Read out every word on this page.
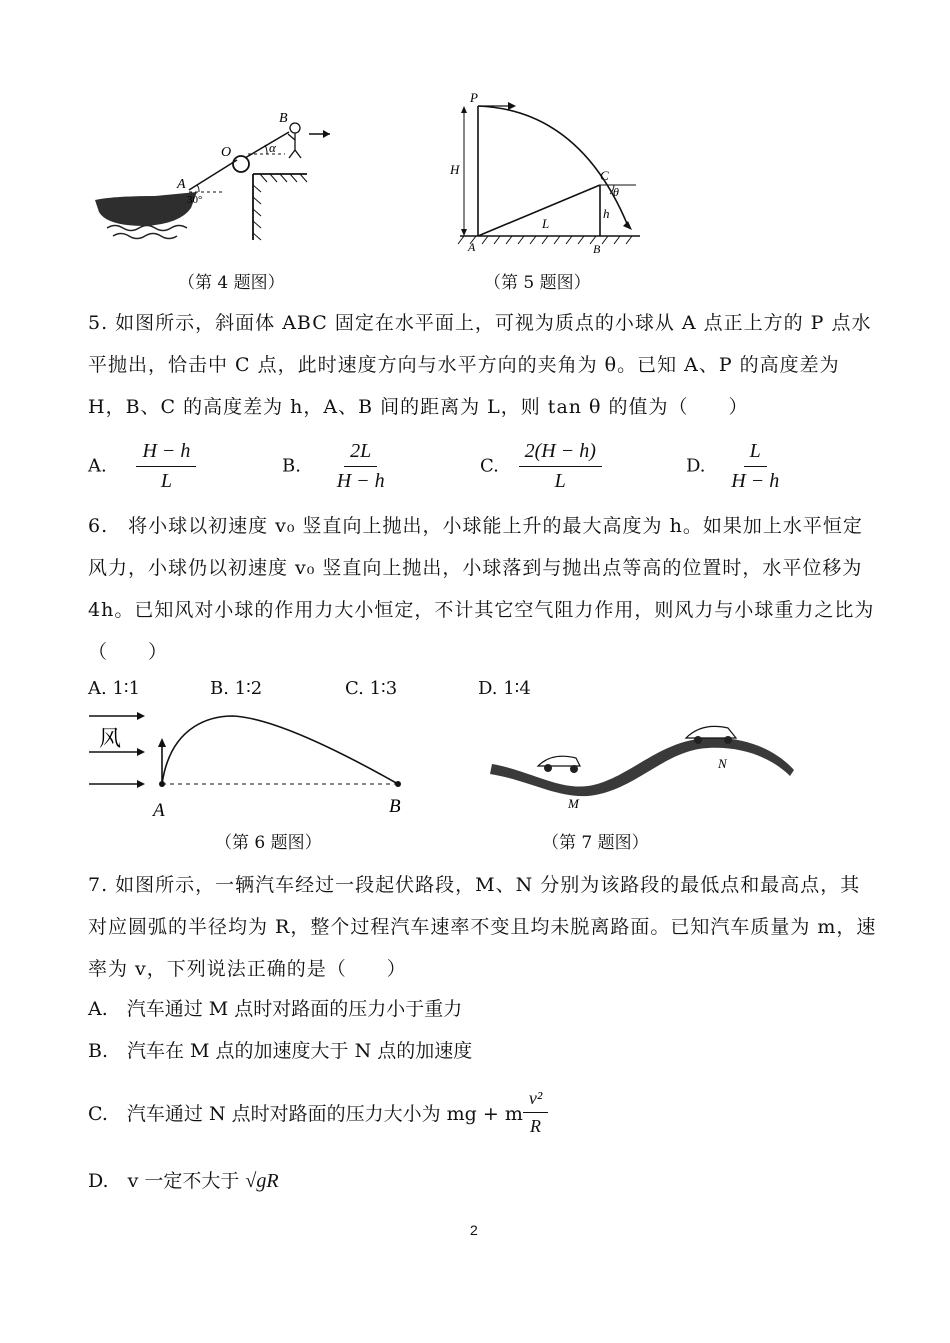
B
O
A
α
30°
（第 4 题图）
P
H	C
θ
h
L
A	B
（第 5 题图）
5. 如图所示，斜面体 ABC 固定在水平面上，可视为质点的小球从 A 点正上方的 P 点水平抛出，恰击中 C 点，此时速度方向与水平方向的夹角为 θ。已知 A、P 的高度差为 H，B、C 的高度差为 h，A、B 间的距离为 L，则 tan θ 的值为（　　）
A. $\frac{H - h}{L}$	B. $\frac{2L}{H - h}$	C. $\frac{2(H - h)}{L}$	D. $\frac{L}{H - h}$
6.　将小球以初速度 v₀ 竖直向上抛出，小球能上升的最大高度为 h。如果加上水平恒定风力，小球仍以初速度 v₀ 竖直向上抛出，小球落到与抛出点等高的位置时，水平位移为 4h。已知风对小球的作用力大小恒定，不计其它空气阻力作用，则风力与小球重力之比为（　　）
A. 1∶1	B. 1∶2	C. 1∶3	D. 1∶4
风
A	B
（第 6 题图）
M
N
（第 7 题图）
7. 如图所示，一辆汽车经过一段起伏路段，M、N 分别为该路段的最低点和最高点，其对应圆弧的半径均为 R，整个过程汽车速率不变且均未脱离路面。已知汽车质量为 m，速率为 v，下列说法正确的是（　　）
A.　汽车通过 M 点时对路面的压力小于重力
B.　汽车在 M 点的加速度大于 N 点的加速度
C.　汽车通过 N 点时对路面的压力大小为 mg + m $\frac{\text{v²}}{R}$
D.　v 一定不大于 √gR
2
